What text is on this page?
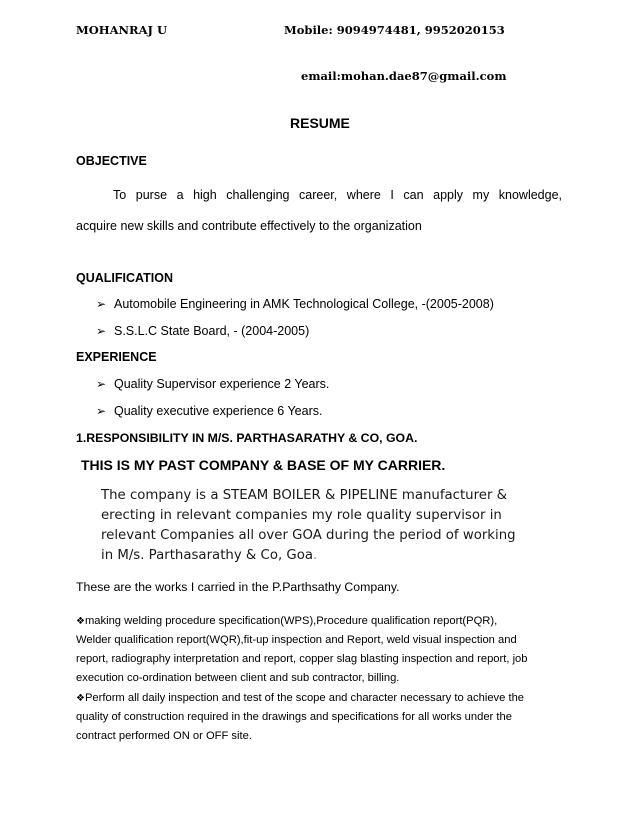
MOHANRAJ U	Mobile: 9094974481, 9952020153
email:mohan.dae87@gmail.com
RESUME
OBJECTIVE
To purse a high challenging career, where I can apply my knowledge,
acquire new skills and contribute effectively to the organization
QUALIFICATION
➢ Automobile Engineering in AMK Technological College, -(2005-2008)
➢ S.S.L.C State Board, - (2004-2005)
EXPERIENCE
➢ Quality Supervisor experience 2 Years.
➢ Quality executive experience 6 Years.
1.RESPONSIBILITY IN M/S. PARTHASARATHY & CO, GOA.
THIS IS MY PAST COMPANY & BASE OF MY CARRIER.
The company is a STEAM BOILER & PIPELINE manufacturer &
erecting in relevant companies my role quality supervisor in
relevant Companies all over GOA during the period of working
in M/s. Parthasarathy & Co, Goa.
These are the works I carried in the P.Parthsathy Company.
❖making welding procedure specification(WPS),Procedure qualification report(PQR),
Welder qualification report(WQR),fit-up inspection and Report, weld visual inspection and
report, radiography interpretation and report, copper slag blasting inspection and report, job
execution co-ordination between client and sub contractor, billing.
❖Perform all daily inspection and test of the scope and character necessary to achieve the
quality of construction required in the drawings and specifications for all works under the
contract performed ON or OFF site.
